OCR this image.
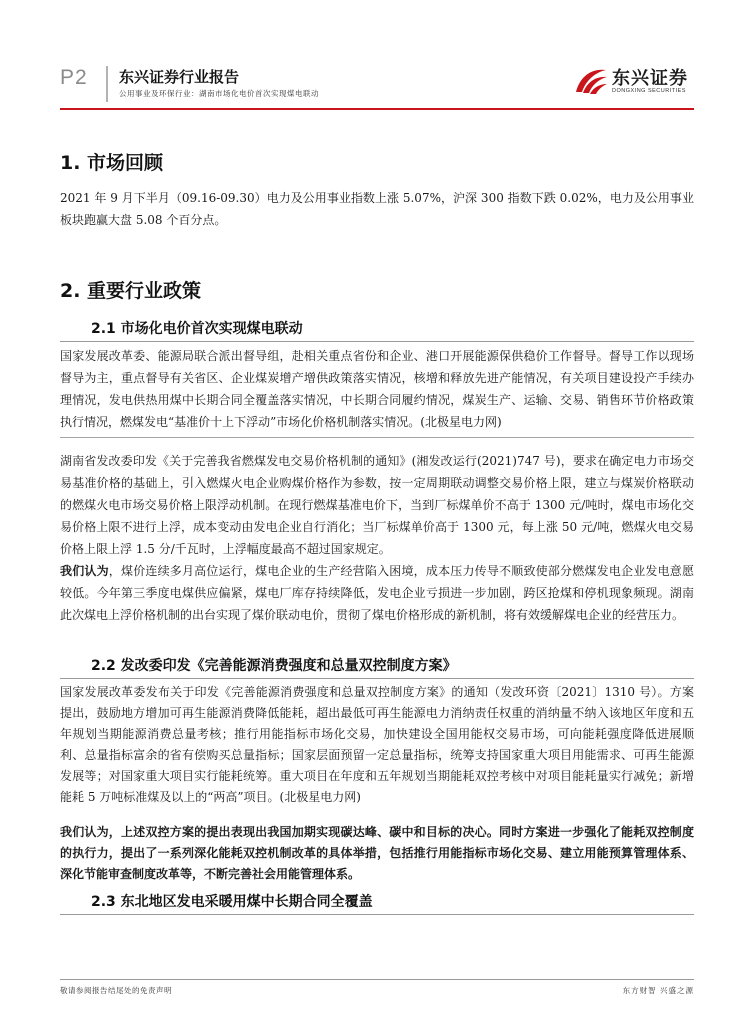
P2 东兴证券行业报告
公用事业及环保行业：湖南市场化电价首次实现煤电联动
东兴证券
DONGXING SECURITIES
1. 市场回顾
2021 年 9 月下半月（09.16-09.30）电力及公用事业指数上涨 5.07%，沪深 300 指数下跌 0.02%，电力及公用事业板块跑赢大盘 5.08 个百分点。
2. 重要行业政策
2.1 市场化电价首次实现煤电联动
国家发展改革委、能源局联合派出督导组，赴相关重点省份和企业、港口开展能源保供稳价工作督导。督导工作以现场督导为主，重点督导有关省区、企业煤炭增产增供政策落实情况，核增和释放先进产能情况，有关项目建设投产手续办理情况，发电供热用煤中长期合同全覆盖落实情况，中长期合同履约情况，煤炭生产、运输、交易、销售环节价格政策执行情况，燃煤发电“基准价十上下浮动”市场化价格机制落实情况。(北极星电力网)
湖南省发改委印发《关于完善我省燃煤发电交易价格机制的通知》(湘发改运行(2021)747 号)，要求在确定电力市场交易基准价格的基础上，引入燃煤火电企业购煤价格作为参数，按一定周期联动调整交易价格上限，建立与煤炭价格联动的燃煤火电市场交易价格上限浮动机制。在现行燃煤基准电价下，当到厂标煤单价不高于 1300 元/吨时，煤电市场化交易价格上限不进行上浮，成本变动由发电企业自行消化；当厂标煤单价高于 1300 元，每上涨 50 元/吨，燃煤火电交易价格上限上浮 1.5 分/千瓦时，上浮幅度最高不超过国家规定。
我们认为，煤价连续多月高位运行，煤电企业的生产经营陷入困境，成本压力传导不顺致使部分燃煤发电企业发电意愿较低。今年第三季度电煤供应偏紧，煤电厂库存持续降低，发电企业亏损进一步加剧，跨区抢煤和停机现象频现。湖南此次煤电上浮价格机制的出台实现了煤价联动电价，贯彻了煤电价格形成的新机制，将有效缓解煤电企业的经营压力。
2.2 发改委印发《完善能源消费强度和总量双控制度方案》
国家发展改革委发布关于印发《完善能源消费强度和总量双控制度方案》的通知（发改环资〔2021〕1310 号）。方案提出，鼓励地方增加可再生能源消费降低能耗，超出最低可再生能源电力消纳责任权重的消纳量不纳入该地区年度和五年规划当期能源消费总量考核；推行用能指标市场化交易，加快建设全国用能权交易市场，可向能耗强度降低进展顺利、总量指标富余的省有偿购买总量指标；国家层面预留一定总量指标，统筹支持国家重大项目用能需求、可再生能源发展等；对国家重大项目实行能耗统筹。重大项目在年度和五年规划当期能耗双控考核中对项目能耗量实行减免；新增能耗 5 万吨标准煤及以上的“两高”项目。(北极星电力网)
我们认为，上述双控方案的提出表现出我国加期实现碳达峰、碳中和目标的决心。同时方案进一步强化了能耗双控制度的执行力，提出了一系列深化能耗双控机制改革的具体举措，包括推行用能指标市场化交易、建立用能预算管理体系、深化节能审查制度改革等，不断完善社会用能管理体系。
2.3 东北地区发电采暖用煤中长期合同全覆盖
敬请参阅报告结尾处的免责声明	东方财智 兴盛之源
